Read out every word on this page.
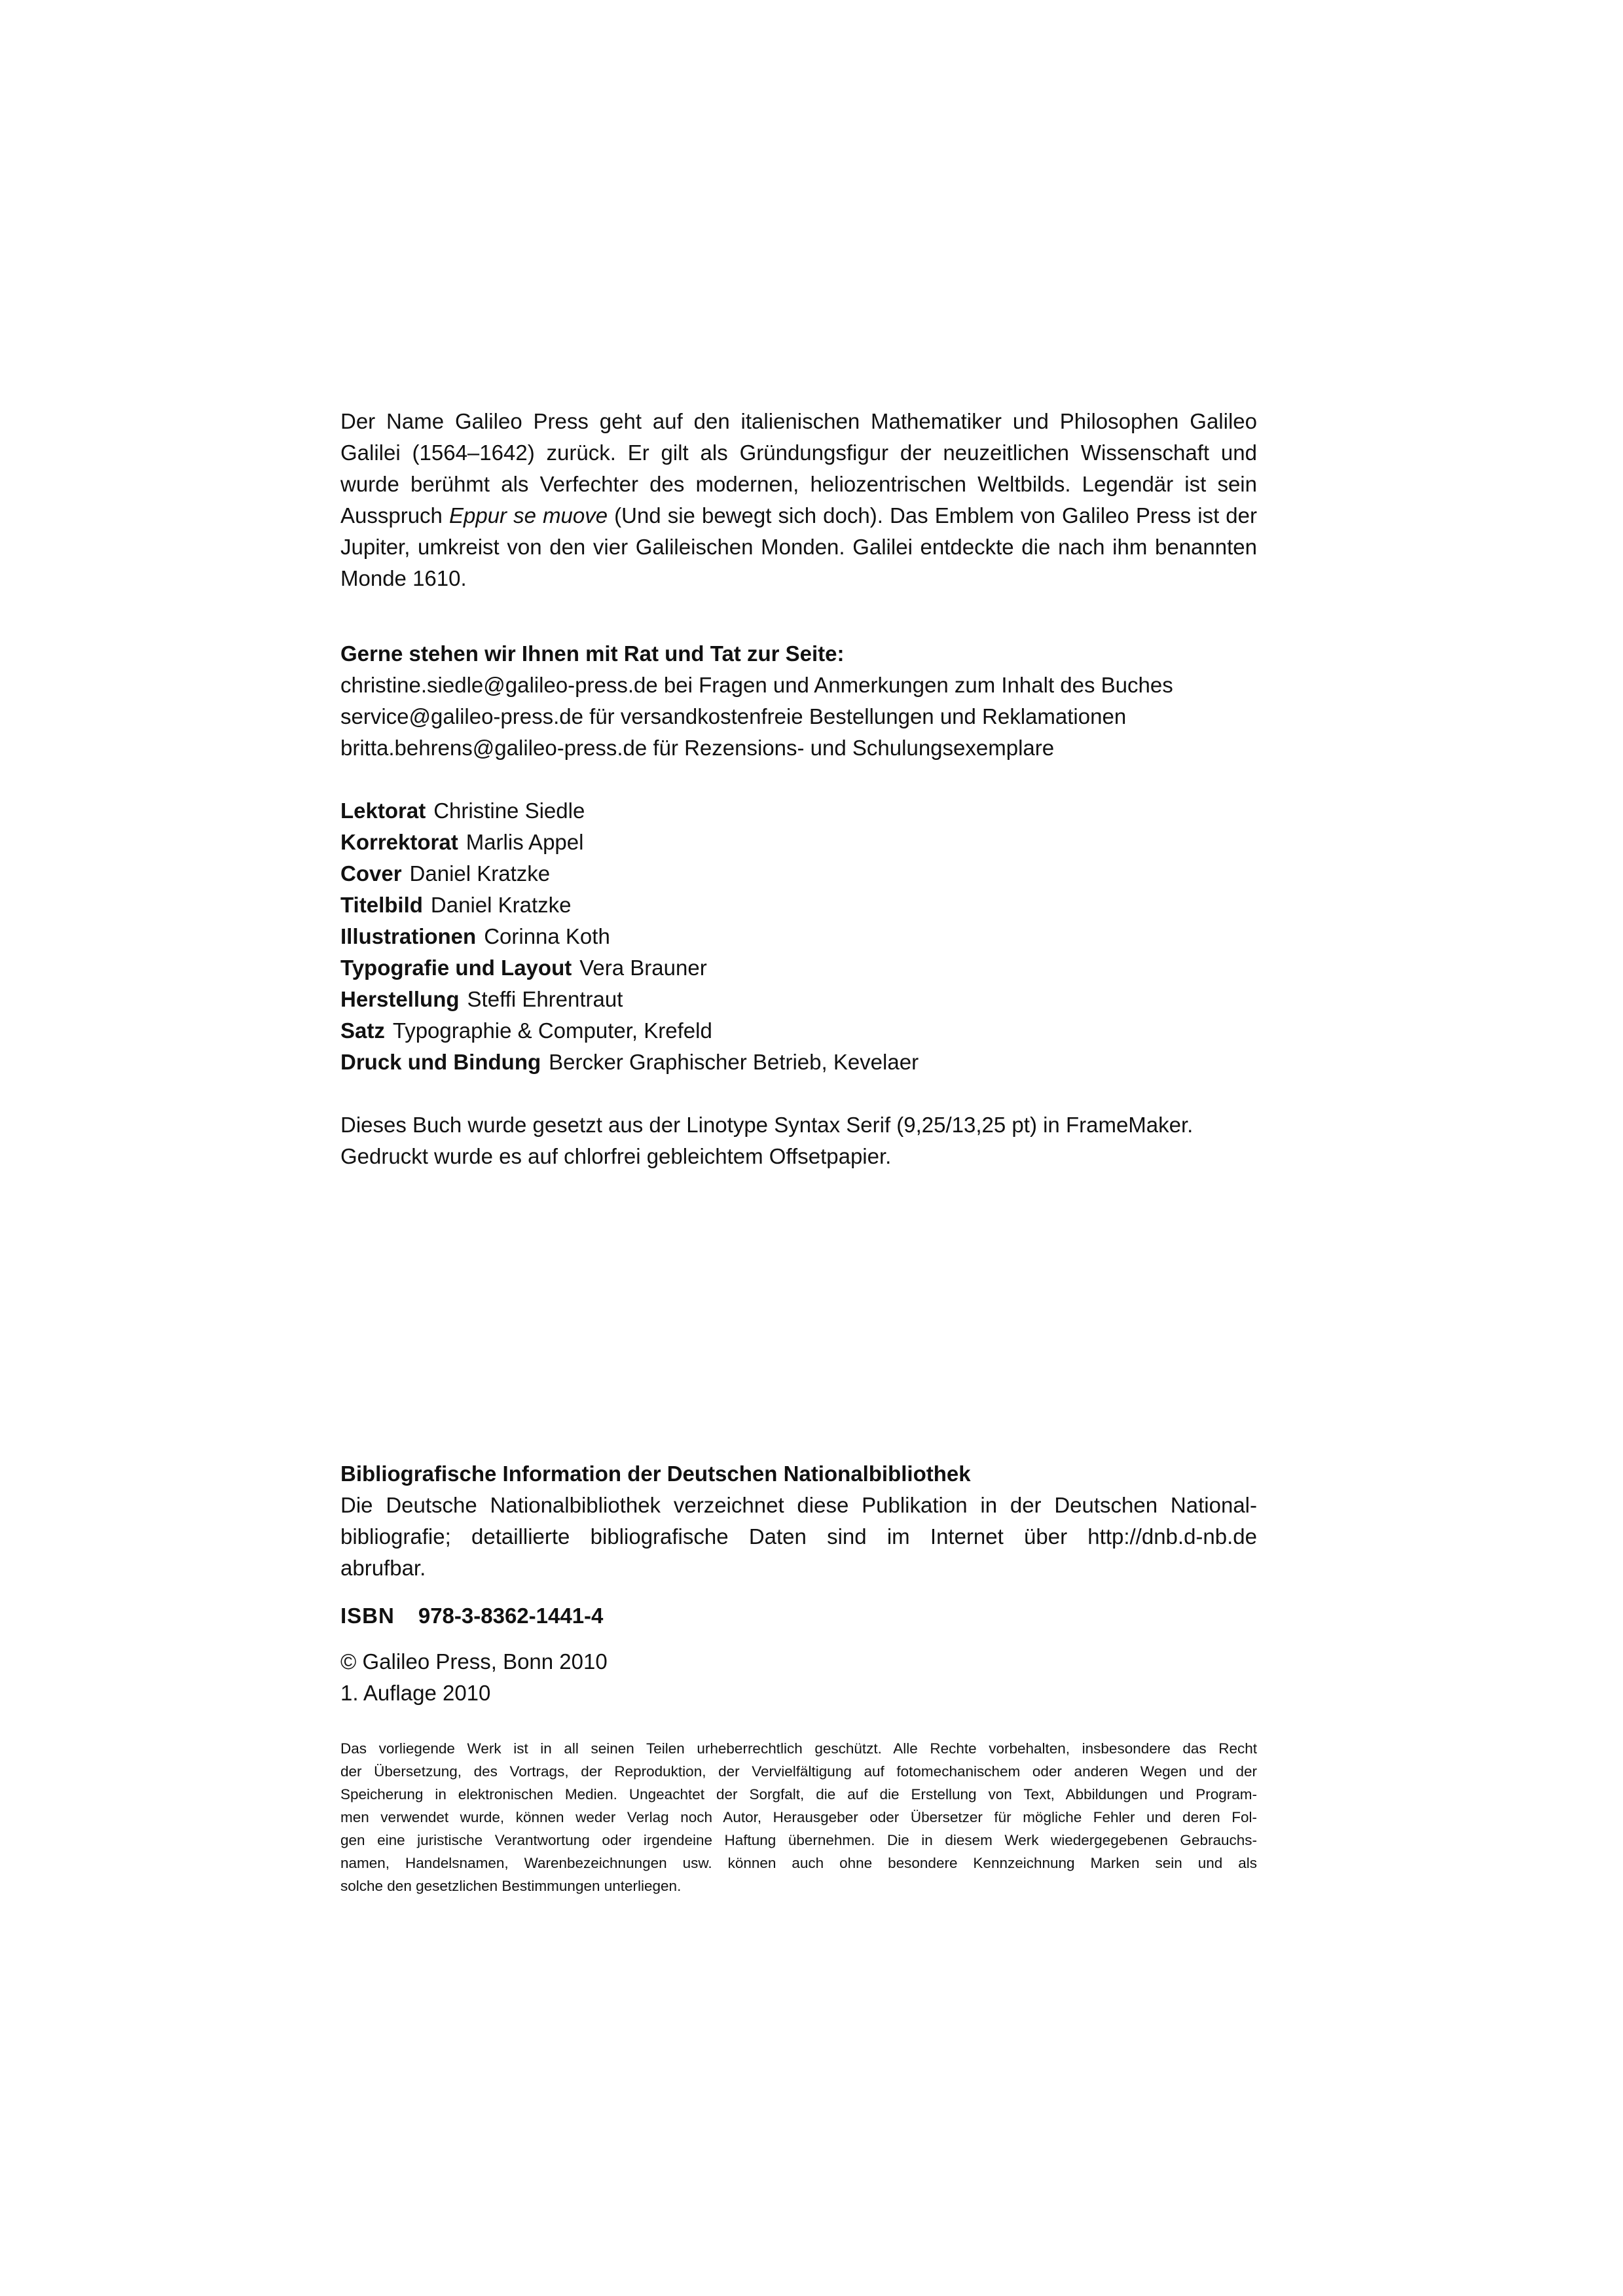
Der Name Galileo Press geht auf den italienischen Mathematiker und Philosophen Galileo
Galilei (1564–1642) zurück. Er gilt als Gründungsfigur der neuzeitlichen Wissenschaft und
wurde berühmt als Verfechter des modernen, heliozentrischen Weltbilds. Legendär ist sein
Ausspruch Eppur se muove (Und sie bewegt sich doch). Das Emblem von Galileo Press ist der
Jupiter, umkreist von den vier Galileischen Monden. Galilei entdeckte die nach ihm benannten
Monde 1610.
Gerne stehen wir Ihnen mit Rat und Tat zur Seite:
christine.siedle@galileo-press.de bei Fragen und Anmerkungen zum Inhalt des Buches
service@galileo-press.de für versandkostenfreie Bestellungen und Reklamationen
britta.behrens@galileo-press.de für Rezensions- und Schulungsexemplare
Lektorat Christine Siedle
Korrektorat Marlis Appel
Cover Daniel Kratzke
Titelbild Daniel Kratzke
Illustrationen Corinna Koth
Typografie und Layout Vera Brauner
Herstellung Steffi Ehrentraut
Satz Typographie & Computer, Krefeld
Druck und Bindung Bercker Graphischer Betrieb, Kevelaer
Dieses Buch wurde gesetzt aus der Linotype Syntax Serif (9,25/13,25 pt) in FrameMaker.
Gedruckt wurde es auf chlorfrei gebleichtem Offsetpapier.
Bibliografische Information der Deutschen Nationalbibliothek
Die Deutsche Nationalbibliothek verzeichnet diese Publikation in der Deutschen National-
bibliografie; detaillierte bibliografische Daten sind im Internet über http://dnb.d-nb.de
abrufbar.
ISBN 978-3-8362-1441-4
© Galileo Press, Bonn 2010
1. Auflage 2010
Das vorliegende Werk ist in all seinen Teilen urheberrechtlich geschützt. Alle Rechte vorbehalten, insbesondere das Recht
der Übersetzung, des Vortrags, der Reproduktion, der Vervielfältigung auf fotomechanischem oder anderen Wegen und der
Speicherung in elektronischen Medien. Ungeachtet der Sorgfalt, die auf die Erstellung von Text, Abbildungen und Program-
men verwendet wurde, können weder Verlag noch Autor, Herausgeber oder Übersetzer für mögliche Fehler und deren Fol-
gen eine juristische Verantwortung oder irgendeine Haftung übernehmen. Die in diesem Werk wiedergegebenen Gebrauchs-
namen, Handelsnamen, Warenbezeichnungen usw. können auch ohne besondere Kennzeichnung Marken sein und als
solche den gesetzlichen Bestimmungen unterliegen.
